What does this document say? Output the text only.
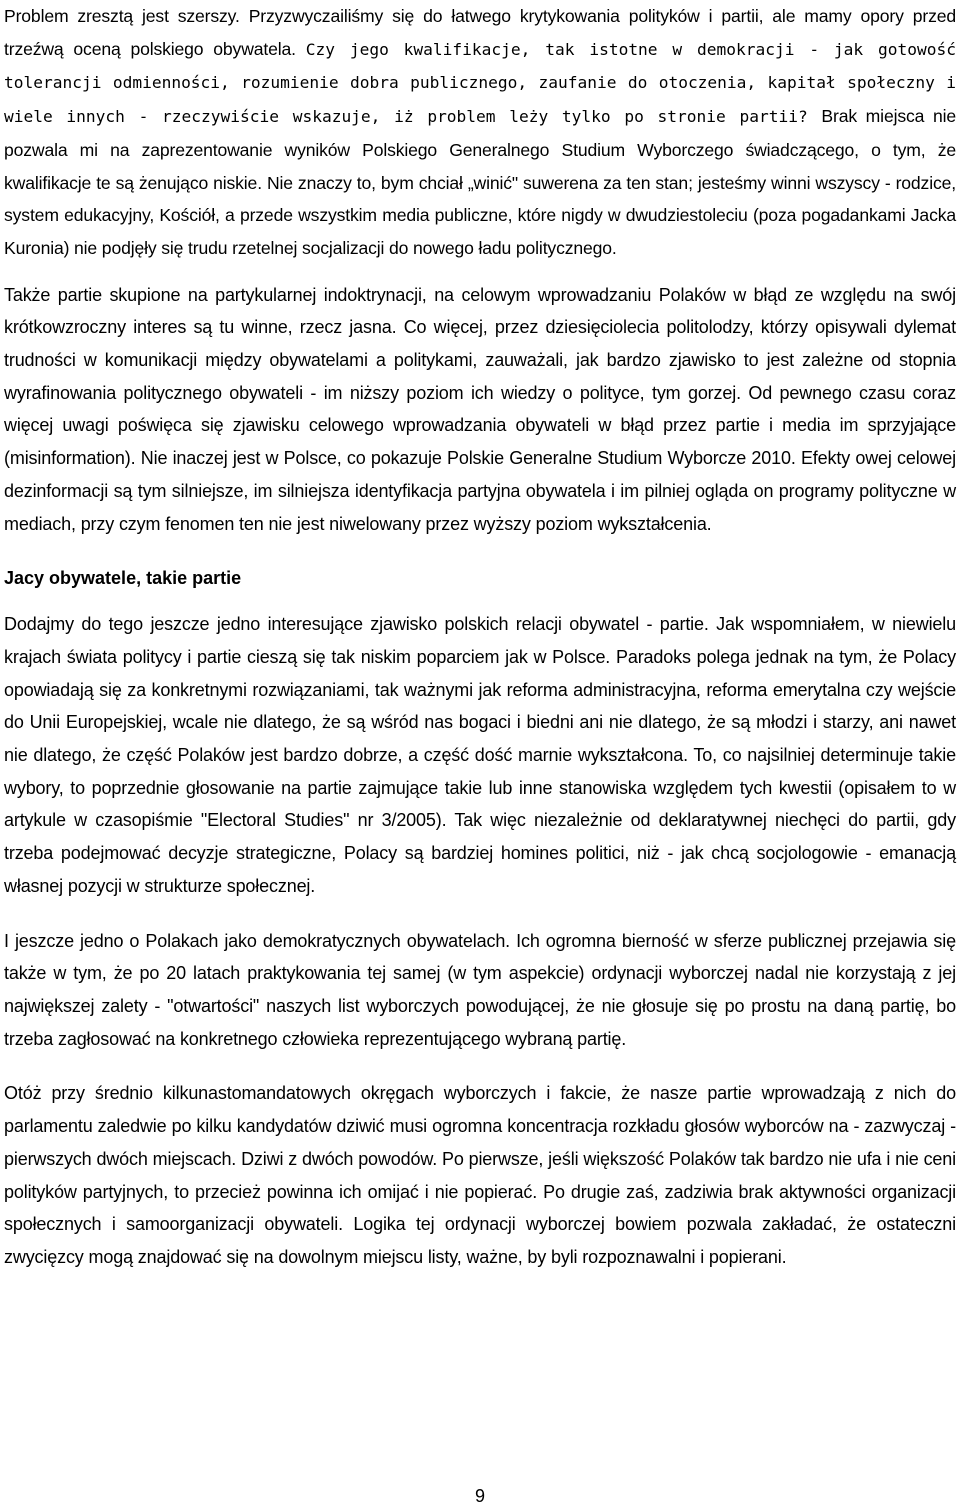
Problem zresztą jest szerszy. Przyzwyczailiśmy się do łatwego krytykowania polityków i partii, ale mamy opory przed trzeźwą oceną polskiego obywatela. Czy jego kwalifikacje, tak istotne w demokracji - jak gotowość tolerancji odmienności, rozumienie dobra publicznego, zaufanie do otoczenia, kapitał społeczny i wiele innych - rzeczywiście wskazuje, iż problem leży tylko po stronie partii? Brak miejsca nie pozwala mi na zaprezentowanie wyników Polskiego Generalnego Studium Wyborczego świadczącego, o tym, że kwalifikacje te są żenująco niskie. Nie znaczy to, bym chciał „winić" suwerena za ten stan; jesteśmy winni wszyscy - rodzice, system edukacyjny, Kościół, a przede wszystkim media publiczne, które nigdy w dwudziestoleciu (poza pogadankami Jacka Kuronia) nie podjęły się trudu rzetelnej socjalizacji do nowego ładu politycznego.

Także partie skupione na partykularnej indoktrynacji, na celowym wprowadzaniu Polaków w błąd ze względu na swój krótkowzroczny interes są tu winne, rzecz jasna. Co więcej, przez dziesięciolecia politolodzy, którzy opisywali dylemat trudności w komunikacji między obywatelami a politykami, zauważali, jak bardzo zjawisko to jest zależne od stopnia wyrafinowania politycznego obywateli - im niższy poziom ich wiedzy o polityce, tym gorzej. Od pewnego czasu coraz więcej uwagi poświęca się zjawisku celowego wprowadzania obywateli w błąd przez partie i media im sprzyjające (misinformation). Nie inaczej jest w Polsce, co pokazuje Polskie Generalne Studium Wyborcze 2010. Efekty owej celowej dezinformacji są tym silniejsze, im silniejsza identyfikacja partyjna obywatela i im pilniej ogląda on programy polityczne w mediach, przy czym fenomen ten nie jest niwelowany przez wyższy poziom wykształcenia.

Jacy obywatele, takie partie

Dodajmy do tego jeszcze jedno interesujące zjawisko polskich relacji obywatel - partie. Jak wspomniałem, w niewielu krajach świata politycy i partie cieszą się tak niskim poparciem jak w Polsce. Paradoks polega jednak na tym, że Polacy opowiadają się za konkretnymi rozwiązaniami, tak ważnymi jak reforma administracyjna, reforma emerytalna czy wejście do Unii Europejskiej, wcale nie dlatego, że są wśród nas bogaci i biedni ani nie dlatego, że są młodzi i starzy, ani nawet nie dlatego, że część Polaków jest bardzo dobrze, a część dość marnie wykształcona. To, co najsilniej determinuje takie wybory, to poprzednie głosowanie na partie zajmujące takie lub inne stanowiska względem tych kwestii (opisałem to w artykule w czasopiśmie "Electoral Studies" nr 3/2005). Tak więc niezależnie od deklaratywnej niechęci do partii, gdy trzeba podejmować decyzje strategiczne, Polacy są bardziej homines politici, niż - jak chcą socjologowie - emanacją własnej pozycji w strukturze społecznej.

I jeszcze jedno o Polakach jako demokratycznych obywatelach. Ich ogromna bierność w sferze publicznej przejawia się także w tym, że po 20 latach praktykowania tej samej (w tym aspekcie) ordynacji wyborczej nadal nie korzystają z jej największej zalety - "otwartości" naszych list wyborczych powodującej, że nie głosuje się po prostu na daną partię, bo trzeba zagłosować na konkretnego człowieka reprezentującego wybraną partię.

Otóż przy średnio kilkunastomandatowych okręgach wyborczych i fakcie, że nasze partie wprowadzają z nich do parlamentu zaledwie po kilku kandydatów dziwić musi ogromna koncentracja rozkładu głosów wyborców na - zazwyczaj - pierwszych dwóch miejscach. Dziwi z dwóch powodów. Po pierwsze, jeśli większość Polaków tak bardzo nie ufa i nie ceni polityków partyjnych, to przecież powinna ich omijać i nie popierać. Po drugie zaś, zadziwia brak aktywności organizacji społecznych i samoorganizacji obywateli. Logika tej ordynacji wyborczej bowiem pozwala zakładać, że ostateczni zwycięzcy mogą znajdować się na dowolnym miejscu listy, ważne, by byli rozpoznawalni i popierani.

9
